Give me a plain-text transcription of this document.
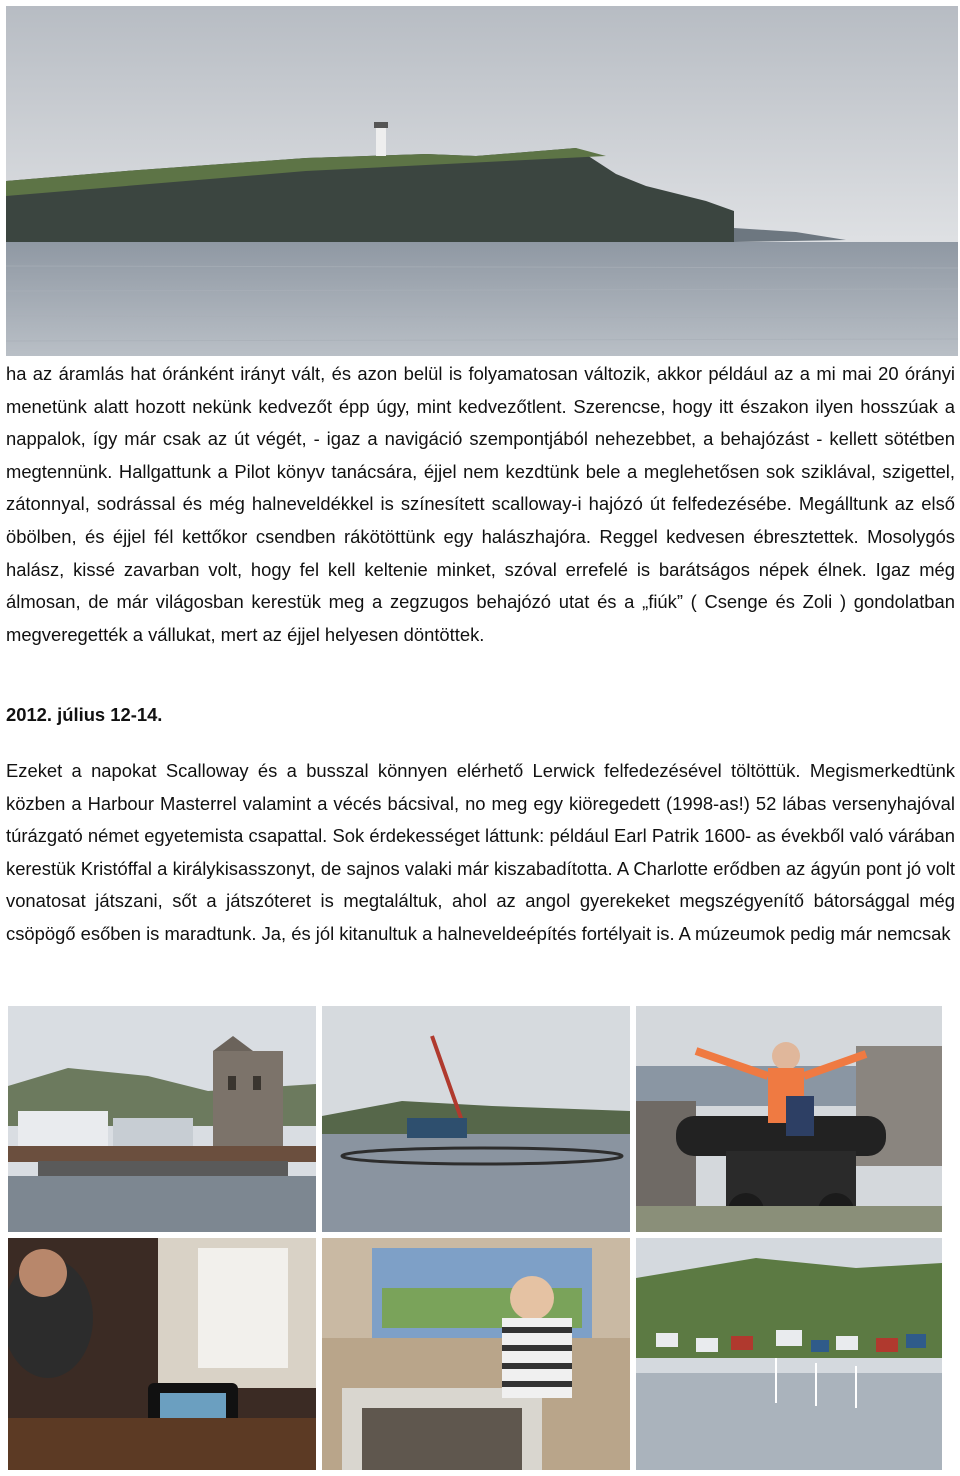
ha az áramlás hat óránként irányt vált, és azon belül is folyamatosan változik, akkor például az a mi mai 20 órányi menetünk alatt hozott nekünk kedvezőt épp úgy, mint kedvezőtlent. Szerencse, hogy itt északon ilyen hosszúak a nappalok, így már csak az út végét, - igaz a navigáció szempontjából nehezebbet, a behajózást - kellett sötétben megtennünk. Hallgattunk a Pilot könyv tanácsára, éjjel nem kezdtünk bele a meglehetősen sok sziklával, szigettel, zátonnyal, sodrással és még halneveldékkel is színesített scalloway-i hajózó út felfedezésébe. Megálltunk az első öbölben, és éjjel fél kettőkor csendben rákötöttünk egy halászhajóra. Reggel kedvesen ébresztettek. Mosolygós halász, kissé zavarban volt, hogy fel kell keltenie minket, szóval errefelé is barátságos népek élnek. Igaz még álmosan, de már világosban kerestük meg a zegzugos behajózó utat és a „fiúk” ( Csenge és Zoli ) gondolatban megveregették a vállukat, mert az éjjel helyesen döntöttek.

2012. július 12-14.

Ezeket a napokat Scalloway és a busszal könnyen elérhető Lerwick felfedezésével töltöttük. Megismerkedtünk közben a Harbour Masterrel valamint a vécés bácsival, no meg egy kiöregedett (1998-as!) 52 lábas versenyhajóval túrázgató német egyetemista csapattal. Sok érdekességet láttunk: például Earl Patrik 1600- as évekből való várában kerestük Kristóffal a királykisasszonyt, de sajnos valaki már kiszabadította. A Charlotte erődben az ágyún pont jó volt vonatosat játszani, sőt a játszóteret is megtaláltuk, ahol az angol gyerekeket megszégyenítő bátorsággal még csöpögő esőben is maradtunk. Ja, és jól kitanultuk a halneveldeépítés fortélyait is. A múzeumok pedig már nemcsak
